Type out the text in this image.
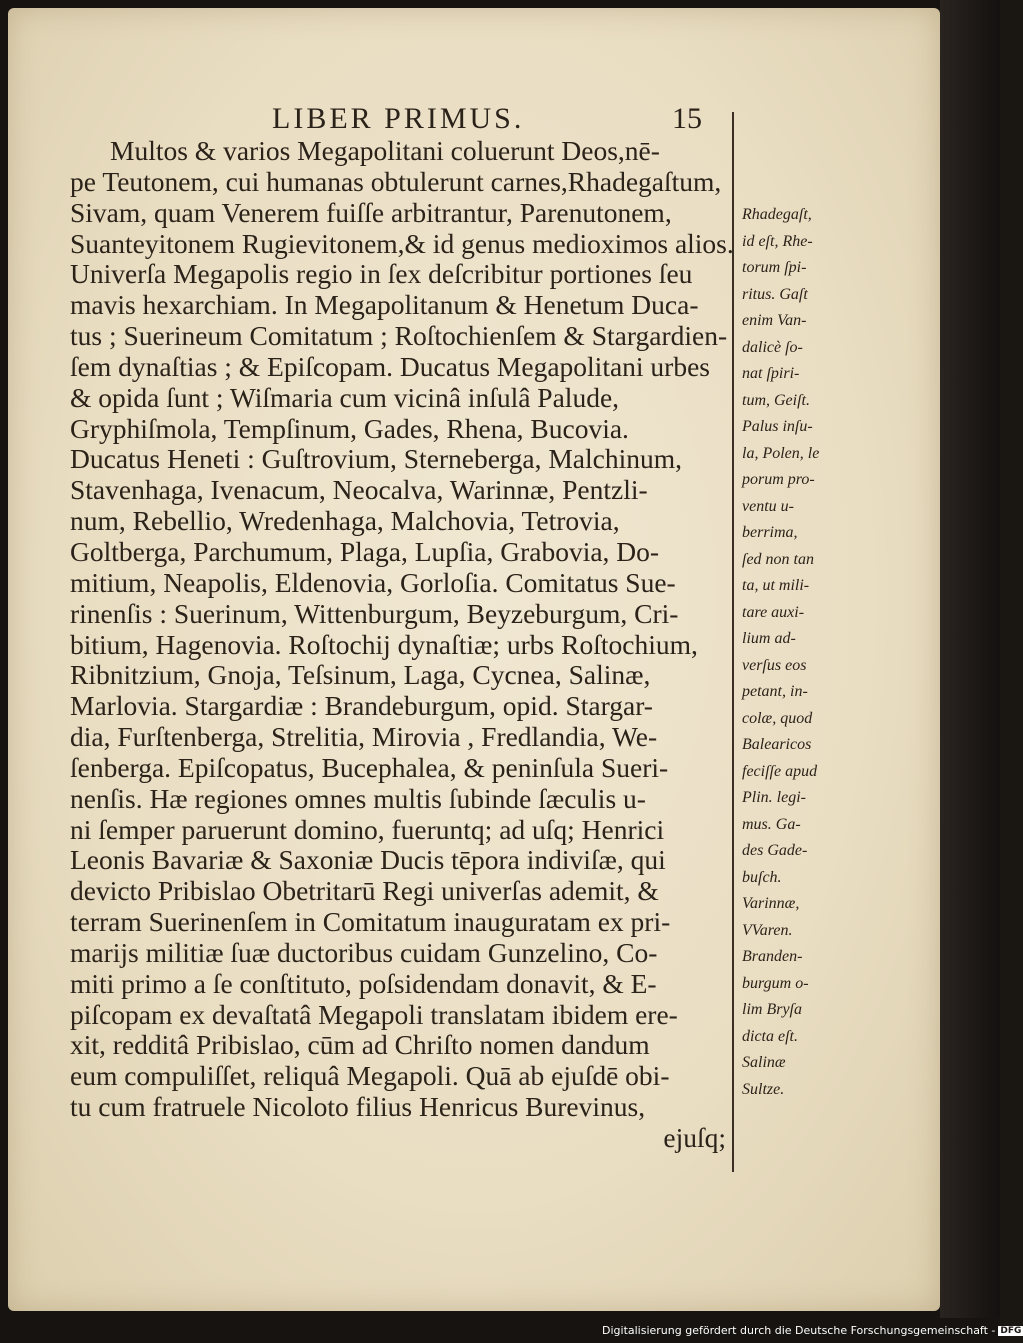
LIBER PRIMUS.	15
Multos & varios Megapolitani coluerunt Deos,nē-
pe Teutonem, cui humanas obtulerunt carnes,Rhadegaſtum,
Sivam, quam Venerem fuiſſe arbitrantur, Parenutonem,
Suanteyitonem Rugievitonem,& id genus medioximos alios.
Univerſa Megapolis regio in ſex deſcribitur portiones ſeu
mavis hexarchiam. In Megapolitanum & Henetum Duca-
tus ; Suerineum Comitatum ; Roſtochienſem & Stargardien-
ſem dynaſtias ; & Epiſcopam. Ducatus Megapolitani urbes
& opida ſunt ; Wiſmaria cum vicinâ inſulâ Palude,
Gryphiſmola, Tempſinum, Gades, Rhena, Bucovia.
Ducatus Heneti : Guſtrovium, Sterneberga, Malchinum,
Stavenhaga, Ivenacum, Neocalva, Warinnæ, Pentzli-
num, Rebellio, Wredenhaga, Malchovia, Tetrovia,
Goltberga, Parchumum, Plaga, Lupſia, Grabovia, Do-
mitium, Neapolis, Eldenovia, Gorloſia. Comitatus Sue-
rinenſis : Suerinum, Wittenburgum, Beyzeburgum, Cri-
bitium, Hagenovia. Roſtochij dynaſtiæ; urbs Roſtochium,
Ribnitzium, Gnoja, Teſsinum, Laga, Cycnea, Salinæ,
Marlovia. Stargardiæ : Brandeburgum, opid. Stargar-
dia, Furſtenberga, Strelitia, Mirovia , Fredlandia, We-
ſenberga. Epiſcopatus, Bucephalea, & peninſula Sueri-
nenſis. Hæ regiones omnes multis ſubinde ſæculis u-
ni ſemper paruerunt domino, fueruntq; ad uſq; Henrici
Leonis Bavariæ & Saxoniæ Ducis tēpora indiviſæ, qui
devicto Pribislao Obetritarū Regi univerſas ademit, &
terram Suerinenſem in Comitatum inauguratam ex pri-
marijs militiæ ſuæ ductoribus cuidam Gunzelino, Co-
miti primo a ſe conſtituto, poſsidendam donavit, & E-
piſcopam ex devaſtatâ Megapoli translatam ibidem ere-
xit, redditâ Pribislao, cūm ad Chriſto nomen dandum
eum compuliſſet, reliquâ Megapoli. Quā ab ejuſdē obi-
tu cum fratruele Nicoloto filius Henricus Burevinus,
ejuſq;
Rhadegaſt,
id eſt, Rhe-
torum ſpi-
ritus. Gaſt
enim Van-
dalicè ſo-
nat ſpiri-
tum, Geiſt.
Palus inſu-
la, Polen, le
porum pro-
ventu u-
berrima,
ſed non tan
ta, ut mili-
tare auxi-
lium ad-
verſus eos
petant, in-
colæ, quod
Balearicos
feciſſe apud
Plin. legi-
mus. Ga-
des Gade-
buſch.
Varinnæ,
VVaren.
Branden-
burgum o-
lim Bryſa
dicta eſt.
Salinæ
Sultze.
Digitalisierung gefördert durch die Deutsche Forschungsgemeinschaft - DFG
